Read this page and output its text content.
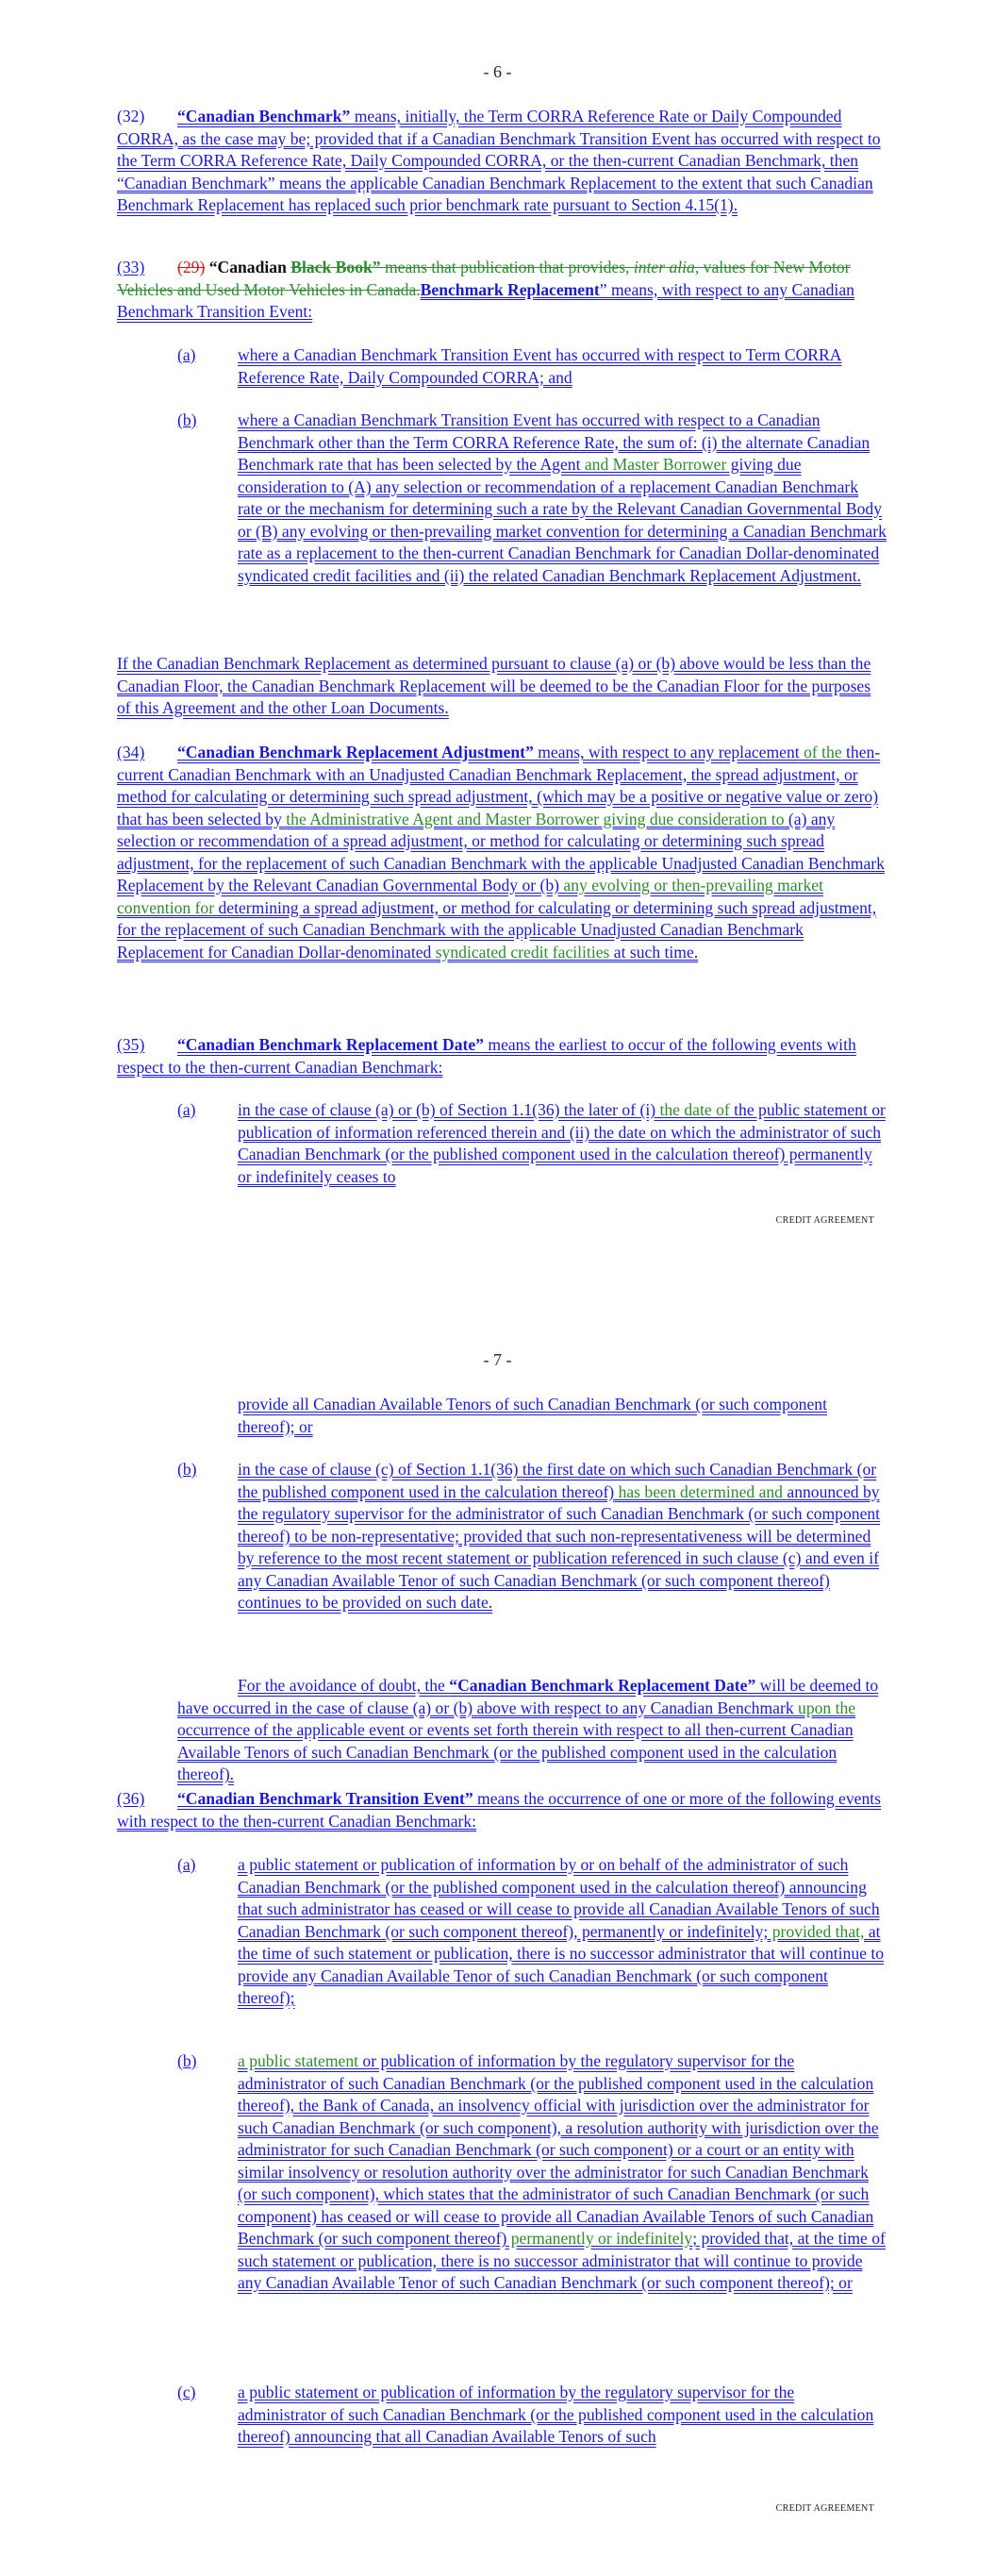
- 6 -
(32) “Canadian Benchmark” means, initially, the Term CORRA Reference Rate or Daily Compounded CORRA, as the case may be; provided that if a Canadian Benchmark Transition Event has occurred with respect to the Term CORRA Reference Rate, Daily Compounded CORRA, or the then-current Canadian Benchmark, then “Canadian Benchmark” means the applicable Canadian Benchmark Replacement to the extent that such Canadian Benchmark Replacement has replaced such prior benchmark rate pursuant to Section 4.15(1).
(33) (29) “Canadian Black Book” means that publication that provides, inter alia, values for New Motor Vehicles and Used Motor Vehicles in Canada.Benchmark Replacement” means, with respect to any Canadian Benchmark Transition Event:
(a)	where a Canadian Benchmark Transition Event has occurred with respect to Term CORRA Reference Rate, Daily Compounded CORRA; and
(b) where a Canadian Benchmark Transition Event has occurred with respect to a Canadian Benchmark other than the Term CORRA Reference Rate, the sum of: (i) the alternate Canadian Benchmark rate that has been selected by the Agent and Master Borrower giving due consideration to (A) any selection or recommendation of a replacement Canadian Benchmark rate or the mechanism for determining such a rate by the Relevant Canadian Governmental Body or (B) any evolving or then-prevailing market convention for determining a Canadian Benchmark rate as a replacement to the then-current Canadian Benchmark for Canadian Dollar-denominated syndicated credit facilities and (ii) the related Canadian Benchmark Replacement Adjustment.
If the Canadian Benchmark Replacement as determined pursuant to clause (a) or (b) above would be less than the Canadian Floor, the Canadian Benchmark Replacement will be deemed to be the Canadian Floor for the purposes of this Agreement and the other Loan Documents.
(34) “Canadian Benchmark Replacement Adjustment” means, with respect to any replacement of the then-current Canadian Benchmark with an Unadjusted Canadian Benchmark Replacement, the spread adjustment, or method for calculating or determining such spread adjustment, (which may be a positive or negative value or zero) that has been selected by the Administrative Agent and Master Borrower giving due consideration to (a) any selection or recommendation of a spread adjustment, or method for calculating or determining such spread adjustment, for the replacement of such Canadian Benchmark with the applicable Unadjusted Canadian Benchmark Replacement by the Relevant Canadian Governmental Body or (b) any evolving or then-prevailing market convention for determining a spread adjustment, or method for calculating or determining such spread adjustment, for the replacement of such Canadian Benchmark with the applicable Unadjusted Canadian Benchmark Replacement for Canadian Dollar-denominated syndicated credit facilities at such time.
(35) “Canadian Benchmark Replacement Date” means the earliest to occur of the following events with respect to the then-current Canadian Benchmark:
(a)	in the case of clause (a) or (b) of Section 1.1(36) the later of (i) the date of the public statement or publication of information referenced therein and (ii) the date on which the administrator of such Canadian Benchmark (or the published component used in the calculation thereof) permanently or indefinitely ceases to
CREDIT AGREEMENT
- 7 -
provide all Canadian Available Tenors of such Canadian Benchmark (or such component thereof); or
(b) in the case of clause (c) of Section 1.1(36) the first date on which such Canadian Benchmark (or the published component used in the calculation thereof) has been determined and announced by the regulatory supervisor for the administrator of such Canadian Benchmark (or such component thereof) to be non-representative; provided that such non-representativeness will be determined by reference to the most recent statement or publication referenced in such clause (c) and even if any Canadian Available Tenor of such Canadian Benchmark (or such component thereof) continues to be provided on such date.
For the avoidance of doubt, the “Canadian Benchmark Replacement Date” will be deemed to have occurred in the case of clause (a) or (b) above with respect to any Canadian Benchmark upon the occurrence of the applicable event or events set forth therein with respect to all then-current Canadian Available Tenors of such Canadian Benchmark (or the published component used in the calculation thereof).
(36) “Canadian Benchmark Transition Event” means the occurrence of one or more of the following events with respect to the then-current Canadian Benchmark:
(a)	a public statement or publication of information by or on behalf of the administrator of such Canadian Benchmark (or the published component used in the calculation thereof) announcing that such administrator has ceased or will cease to provide all Canadian Available Tenors of such Canadian Benchmark (or such component thereof), permanently or indefinitely; provided that, at the time of such statement or publication, there is no successor administrator that will continue to provide any Canadian Available Tenor of such Canadian Benchmark (or such component thereof);
(b) a public statement or publication of information by the regulatory supervisor for the administrator of such Canadian Benchmark (or the published component used in the calculation thereof), the Bank of Canada, an insolvency official with jurisdiction over the administrator for such Canadian Benchmark (or such component), a resolution authority with jurisdiction over the administrator for such Canadian Benchmark (or such component) or a court or an entity with similar insolvency or resolution authority over the administrator for such Canadian Benchmark (or such component), which states that the administrator of such Canadian Benchmark (or such component) has ceased or will cease to provide all Canadian Available Tenors of such Canadian Benchmark (or such component thereof) permanently or indefinitely; provided that, at the time of such statement or publication, there is no successor administrator that will continue to provide any Canadian Available Tenor of such Canadian Benchmark (or such component thereof); or
(c)	a public statement or publication of information by the regulatory supervisor for the administrator of such Canadian Benchmark (or the published component used in the calculation thereof) announcing that all Canadian Available Tenors of such
CREDIT AGREEMENT
